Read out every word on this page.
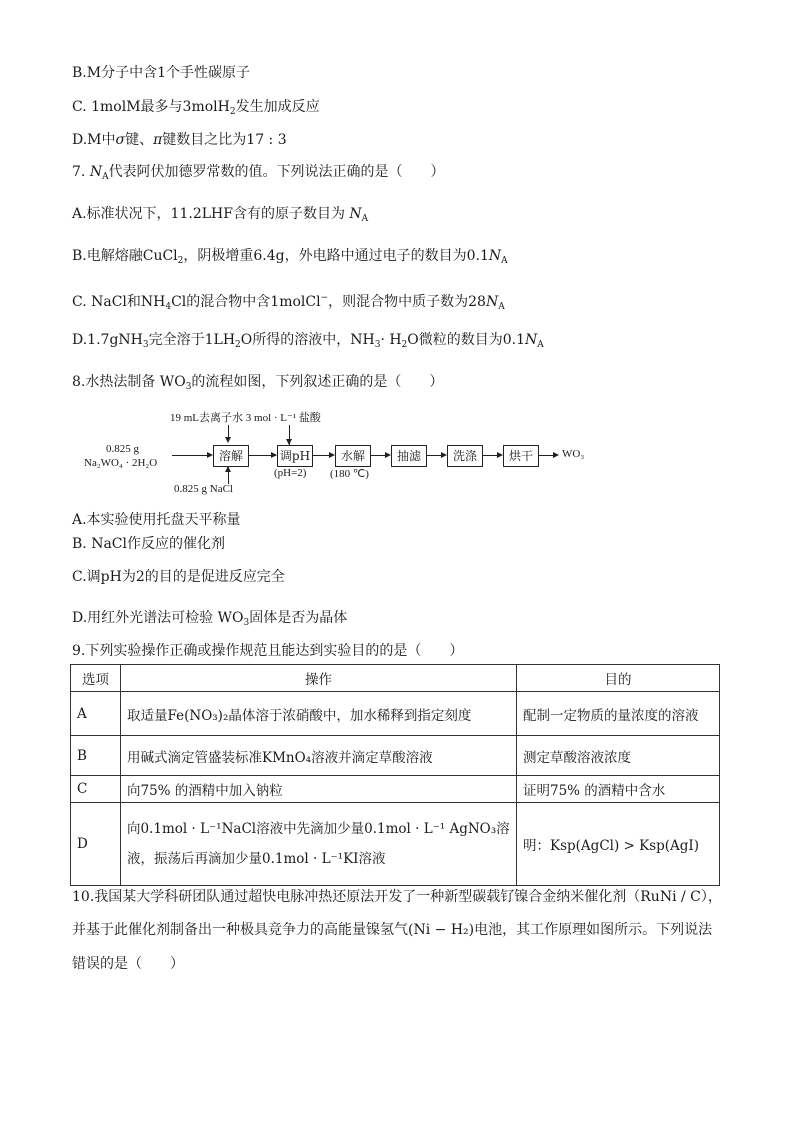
B.M分子中含1个手性碳原子
C. 1molM最多与3molH$_2$发生加成反应
D.M中σ键、π键数目之比为17 : 3
7. $N_A$代表阿伏加德罗常数的值。下列说法正确的是（　　）
A.标准状况下，11.2LHF含有的原子数目为 $N_A$
B.电解熔融CuCl$_2$，阴极增重6.4g，外电路中通过电子的数目为$0.1N_A$
C. NaCl和$NH_4Cl$的混合物中含1molCl−，则混合物中质子数为$28N_A$
D.1.7gNH$_3$完全溶于$1LH_2O$所得的溶液中，$NH_3\cdot H_2O$微粒的数目为$0.1N_A$
8.水热法制备 $WO_3$的流程如图，下列叙述正确的是（　　）
19 mL去离子水 3 mol · L⁻¹ 盐酸
0.825 g
Na₂WO₄ · 2H₂O	溶解	调pH
(pH=2)
0.825 g NaCl
水解
(180 ℃)
抽滤	洗涤	烘干	WO₃
A.本实验使用托盘天平称量
B. NaCl作反应的催化剂
C.调pH为2的目的是促进反应完全
D.用红外光谱法可检验 $WO_3$固体是否为晶体
9.下列实验操作正确或操作规范且能达到实验目的的是（　　）
选项	操作	目的
A	取适量Fe(NO₃)₂晶体溶于浓硝酸中，加水稀释到指定刻度	配制一定物质的量浓度的溶液
B	用碱式滴定管盛装标准KMnO₄溶液并滴定草酸溶液	测定草酸溶液浓度
C	向75% 的酒精中加入钠粒	证明75% 的酒精中含水
D	向0.1mol · L⁻¹NaCl溶液中先滴加少量0.1mol · L⁻¹ AgNO₃溶
液，振荡后再滴加少量0.1mol · L⁻¹KI溶液	明：Ksp(AgCl) > Ksp(AgI)
10.我国某大学科研团队通过超快电脉冲热还原法开发了一种新型碳载钌镍合金纳米催化剂（RuNi / C），
并基于此催化剂制备出一种极具竞争力的高能量镍氢气(Ni − H₂)电池，其工作原理如图所示。下列说法
错误的是（　　）
